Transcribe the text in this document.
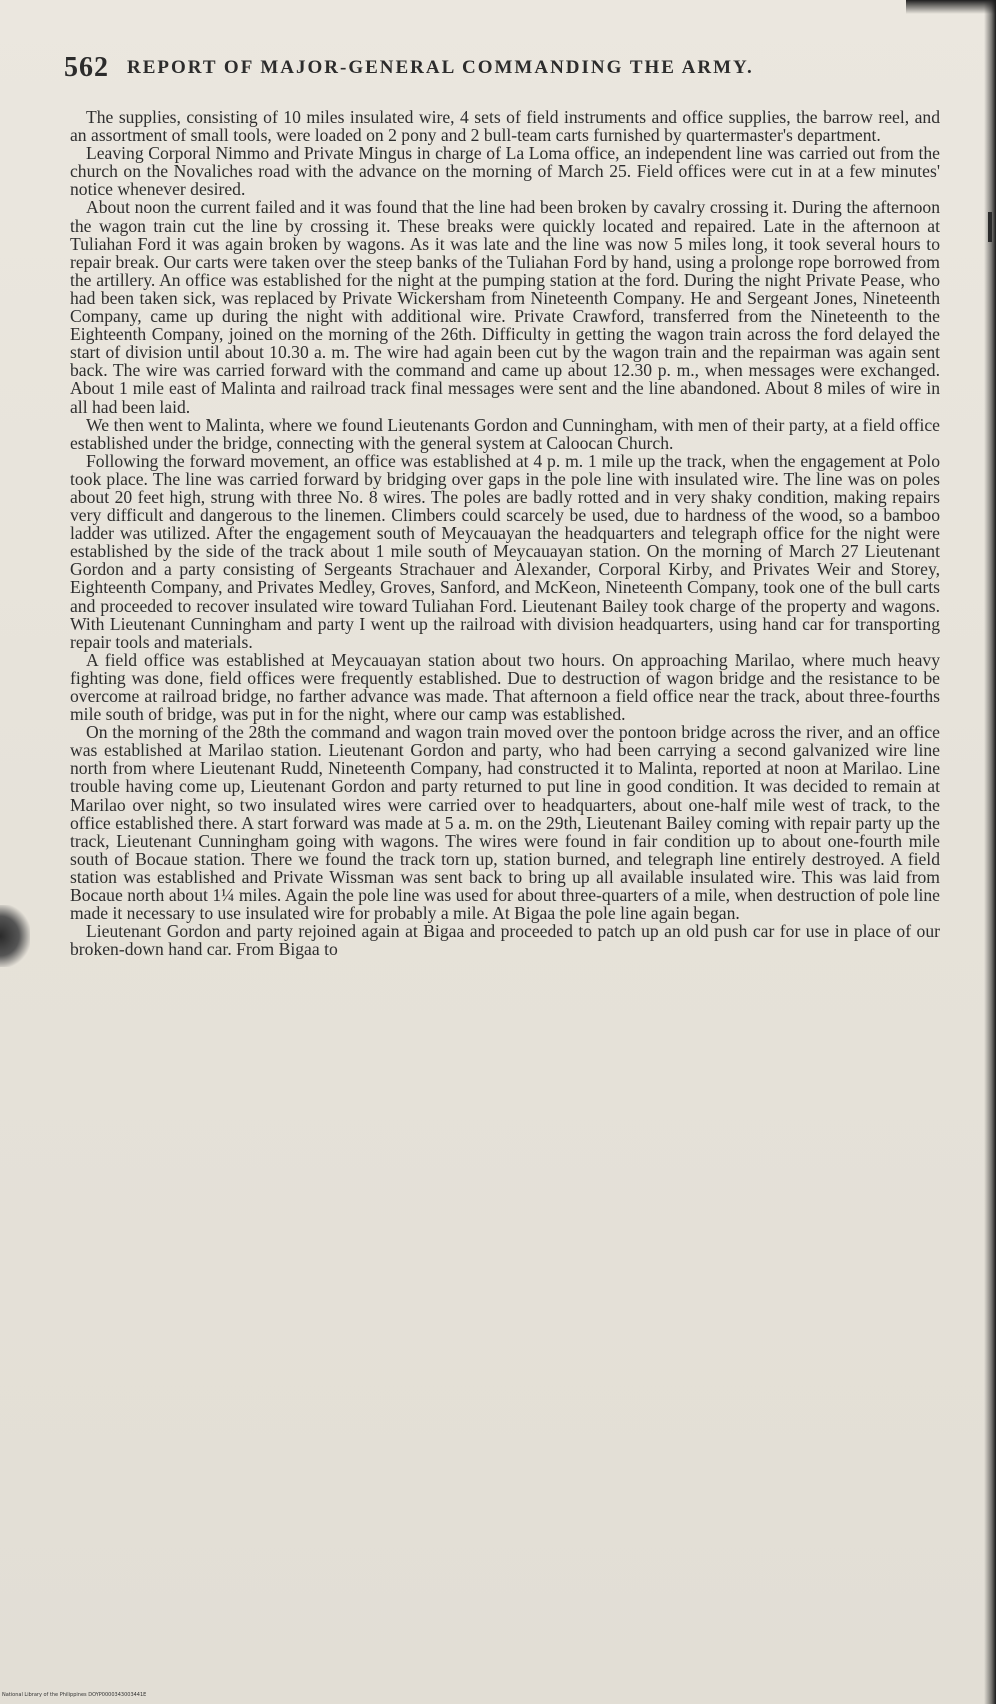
562 REPORT OF MAJOR-GENERAL COMMANDING THE ARMY.

The supplies, consisting of 10 miles insulated wire, 4 sets of field instruments and office supplies, the barrow reel, and an assortment of small tools, were loaded on 2 pony and 2 bull-team carts furnished by quartermaster's department.

Leaving Corporal Nimmo and Private Mingus in charge of La Loma office, an independent line was carried out from the church on the Novaliches road with the advance on the morning of March 25. Field offices were cut in at a few minutes' notice whenever desired.

About noon the current failed and it was found that the line had been broken by cavalry crossing it. During the afternoon the wagon train cut the line by crossing it. These breaks were quickly located and repaired. Late in the afternoon at Tuliahan Ford it was again broken by wagons. As it was late and the line was now 5 miles long, it took several hours to repair break. Our carts were taken over the steep banks of the Tuliahan Ford by hand, using a prolonge rope borrowed from the artillery. An office was established for the night at the pumping station at the ford. During the night Private Pease, who had been taken sick, was replaced by Private Wickersham from Nineteenth Company. He and Sergeant Jones, Nineteenth Company, came up during the night with additional wire. Private Crawford, transferred from the Nineteenth to the Eighteenth Company, joined on the morning of the 26th. Difficulty in getting the wagon train across the ford delayed the start of division until about 10.30 a. m. The wire had again been cut by the wagon train and the repairman was again sent back. The wire was carried forward with the command and came up about 12.30 p. m., when messages were exchanged. About 1 mile east of Malinta and railroad track final messages were sent and the line abandoned. About 8 miles of wire in all had been laid.

We then went to Malinta, where we found Lieutenants Gordon and Cunningham, with men of their party, at a field office established under the bridge, connecting with the general system at Caloocan Church.

Following the forward movement, an office was established at 4 p. m. 1 mile up the track, when the engagement at Polo took place. The line was carried forward by bridging over gaps in the pole line with insulated wire. The line was on poles about 20 feet high, strung with three No. 8 wires. The poles are badly rotted and in very shaky condition, making repairs very difficult and dangerous to the linemen. Climbers could scarcely be used, due to hardness of the wood, so a bamboo ladder was utilized. After the engagement south of Meycauayan the headquarters and telegraph office for the night were established by the side of the track about 1 mile south of Meycauayan station. On the morning of March 27 Lieutenant Gordon and a party consisting of Sergeants Strachauer and Alexander, Corporal Kirby, and Privates Weir and Storey, Eighteenth Company, and Privates Medley, Groves, Sanford, and McKeon, Nineteenth Company, took one of the bull carts and proceeded to recover insulated wire toward Tuliahan Ford. Lieutenant Bailey took charge of the property and wagons. With Lieutenant Cunningham and party I went up the railroad with division headquarters, using hand car for transporting repair tools and materials.

A field office was established at Meycauayan station about two hours. On approaching Marilao, where much heavy fighting was done, field offices were frequently established. Due to destruction of wagon bridge and the resistance to be overcome at railroad bridge, no farther advance was made. That afternoon a field office near the track, about three-fourths mile south of bridge, was put in for the night, where our camp was established.

On the morning of the 28th the command and wagon train moved over the pontoon bridge across the river, and an office was established at Marilao station. Lieutenant Gordon and party, who had been carrying a second galvanized wire line north from where Lieutenant Rudd, Nineteenth Company, had constructed it to Malinta, reported at noon at Marilao. Line trouble having come up, Lieutenant Gordon and party returned to put line in good condition. It was decided to remain at Marilao over night, so two insulated wires were carried over to headquarters, about one-half mile west of track, to the office established there. A start forward was made at 5 a. m. on the 29th, Lieutenant Bailey coming with repair party up the track, Lieutenant Cunningham going with wagons. The wires were found in fair condition up to about one-fourth mile south of Bocaue station. There we found the track torn up, station burned, and telegraph line entirely destroyed. A field station was established and Private Wissman was sent back to bring up all available insulated wire. This was laid from Bocaue north about 1¼ miles. Again the pole line was used for about three-quarters of a mile, when destruction of pole line made it necessary to use insulated wire for probably a mile. At Bigaa the pole line again began.

Lieutenant Gordon and party rejoined again at Bigaa and proceeded to patch up an old push car for use in place of our broken-down hand car. From Bigaa to

National Library of the Philippines DOYP0000343003441E
